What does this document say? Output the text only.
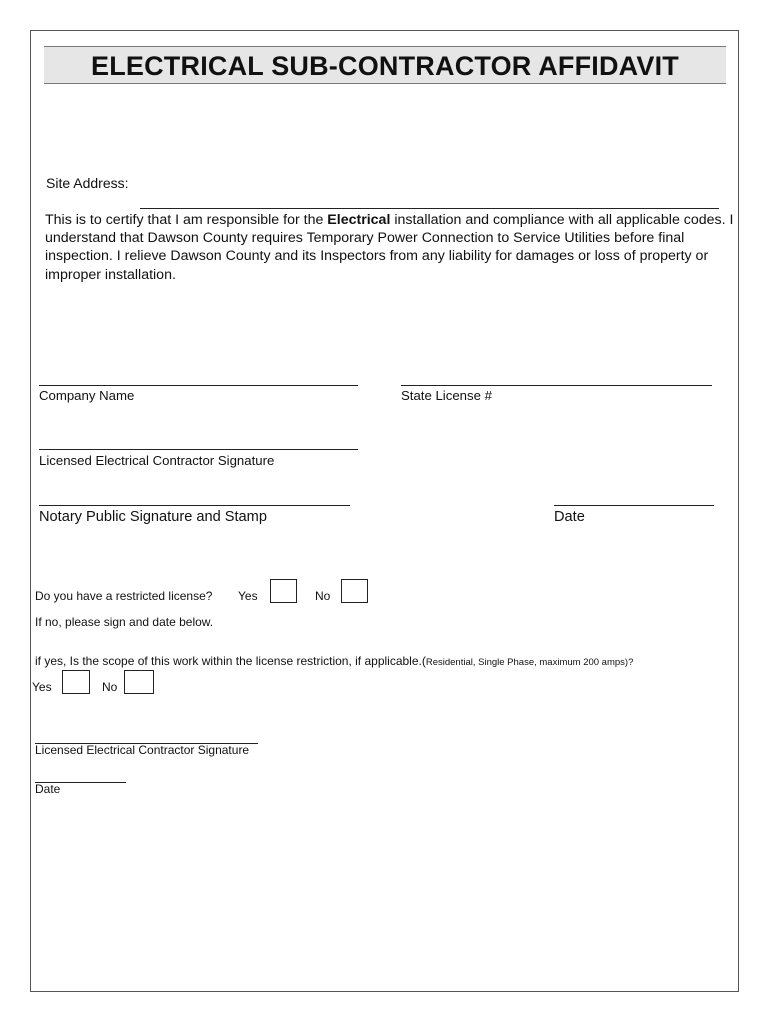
ELECTRICAL SUB-CONTRACTOR AFFIDAVIT
Site Address:
This is to certify that I am responsible for the Electrical installation and compliance with all applicable codes. I understand that Dawson County requires Temporary Power Connection to Service Utilities before final inspection. I relieve Dawson County and its Inspectors from any liability for damages or loss of property or improper installation.
Company Name	State License #
Licensed Electrical Contractor Signature
Notary Public Signature and Stamp	Date
Do you have a restricted license? Yes	No
If no, please sign and date below.
if yes, Is the scope of this work within the license restriction, if applicable.(Residential, Single Phase, maximum 200 amps)?
Yes	No
Licensed Electrical Contractor Signature
Date
